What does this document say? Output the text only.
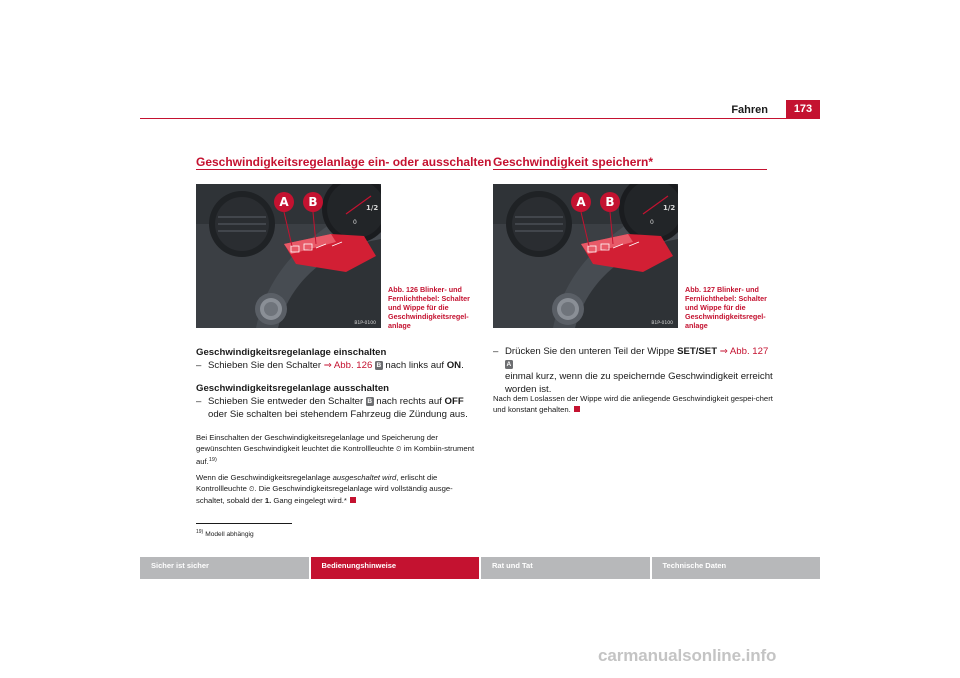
Fahren	173
Geschwindigkeitsregelanlage ein- oder ausschalten
1/2
0
A B
B1P-0100
Abb. 126 Blinker- und
Fernlichthebel: Schalter
und Wippe für die
Geschwindigkeitsregel-
anlage
Geschwindigkeitsregelanlage einschalten
– Schieben Sie den Schalter ⇒ Abb. 126 B nach links auf ON.
Geschwindigkeitsregelanlage ausschalten
– Schieben Sie entweder den Schalter B nach rechts auf OFF oder Sie schalten bei stehendem Fahrzeug die Zündung aus.
Bei Einschalten der Geschwindigkeitsregelanlage und Speicherung der gewünschten Geschwindigkeit leuchtet die Kontrollleuchte ⏲ im Kombiin-strument auf.$^{19)}$
Wenn die Geschwindigkeitsregelanlage ausgeschaltet wird, erlischt die Kontrollleuchte ⏲. Die Geschwindigkeitsregelanlage wird vollständig ausge-schaltet, sobald der 1. Gang eingelegt wird.*
$^{19)}$ Modell abhängig
Geschwindigkeit speichern*
1/2
0
A B
B1P-0100
Abb. 127 Blinker- und
Fernlichthebel: Schalter
und Wippe für die
Geschwindigkeitsregel-
anlage
– Drücken Sie den unteren Teil der Wippe SET/SET ⇒ Abb. 127 A
einmal kurz, wenn die zu speichernde Geschwindigkeit erreicht worden ist.
Nach dem Loslassen der Wippe wird die anliegende Geschwindigkeit gespei-chert und konstant gehalten.
Sicher ist sicher	Bedienungshinweise	Rat und Tat	Technische Daten
carmanualsonline.info
